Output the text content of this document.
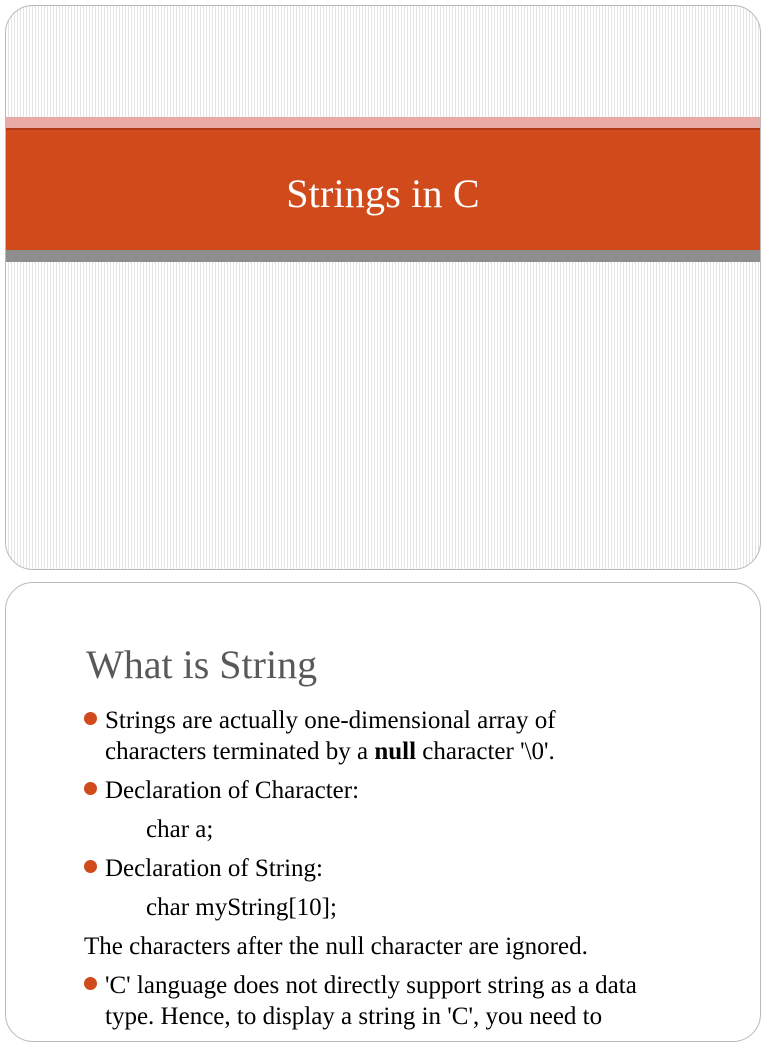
Strings in C
What is String
Strings are actually one-dimensional array of
characters terminated by a null character '\0'.
Declaration of Character:
char a;
Declaration of String:
char myString[10];
The characters after the null character are ignored.
'C' language does not directly support string as a data
type. Hence, to display a string in 'C', you need to
